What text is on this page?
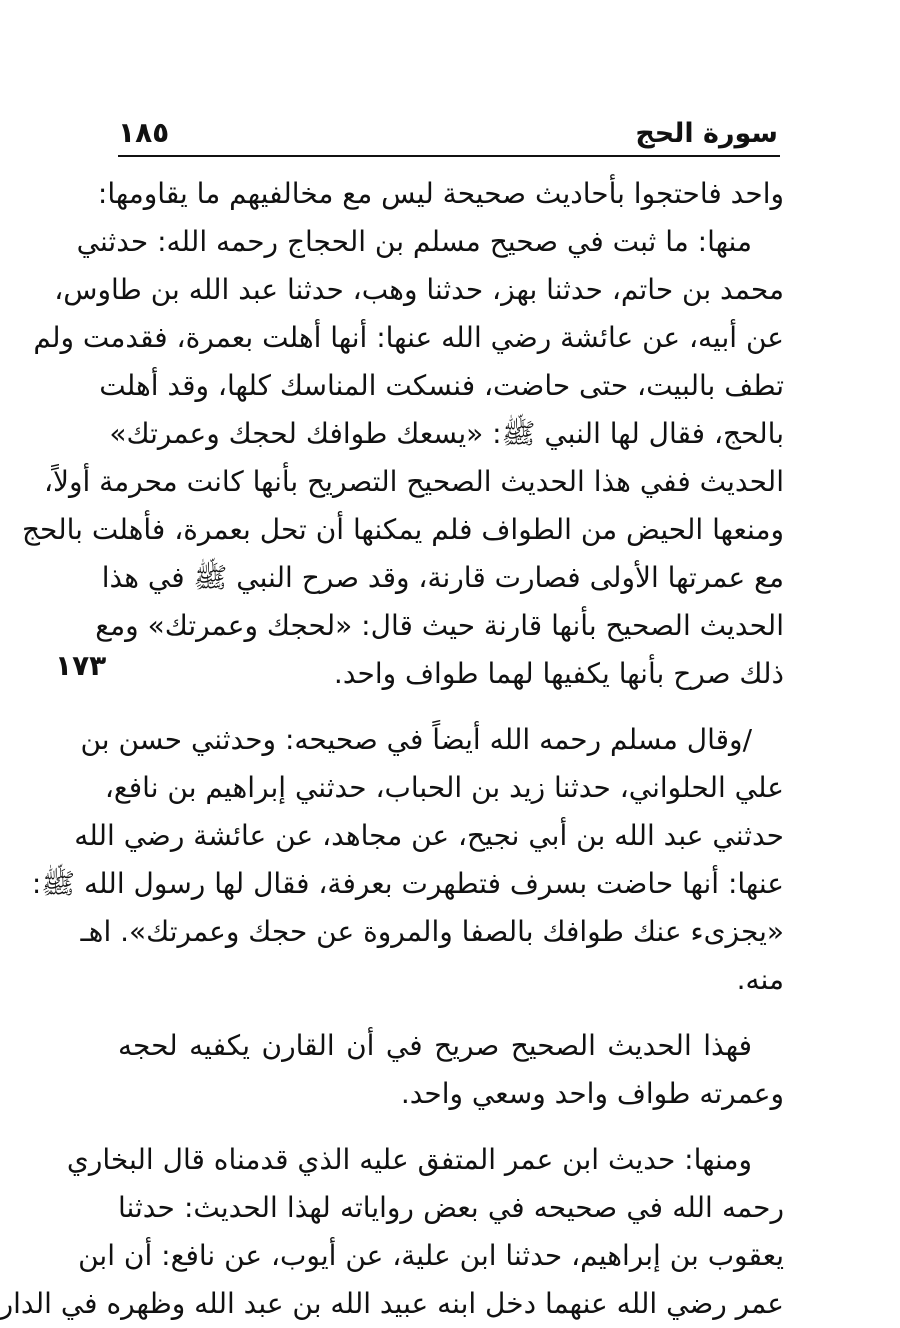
سورة الحج
١٨٥
١٧٣
واحد فاحتجوا بأحاديث صحيحة ليس مع مخالفيهم ما يقاومها:
منها: ما ثبت في صحيح مسلم بن الحجاج رحمه الله: حدثني
محمد بن حاتم، حدثنا بهز، حدثنا وهب، حدثنا عبد الله بن طاوس،
عن أبيه، عن عائشة رضي الله عنها: أنها أهلت بعمرة، فقدمت ولم
تطف بالبيت، حتى حاضت، فنسكت المناسك كلها، وقد أهلت
بالحج، فقال لها النبي ﷺ: «يسعك طوافك لحجك وعمرتك»
الحديث ففي هذا الحديث الصحيح التصريح بأنها كانت محرمة أولاً،
ومنعها الحيض من الطواف فلم يمكنها أن تحل بعمرة، فأهلت بالحج
مع عمرتها الأولى فصارت قارنة، وقد صرح النبي ﷺ في هذا
الحديث الصحيح بأنها قارنة حيث قال: «لحجك وعمرتك» ومع
ذلك صرح بأنها يكفيها لهما طواف واحد.
/وقال مسلم رحمه الله أيضاً في صحيحه: وحدثني حسن بن
علي الحلواني، حدثنا زيد بن الحباب، حدثني إبراهيم بن نافع،
حدثني عبد الله بن أبي نجيح، عن مجاهد، عن عائشة رضي الله
عنها: أنها حاضت بسرف فتطهرت بعرفة، فقال لها رسول الله ﷺ:
«يجزىء عنك طوافك بالصفا والمروة عن حجك وعمرتك». اهـ
منه.
فهذا الحديث الصحيح صريح في أن القارن يكفيه لحجه
وعمرته طواف واحد وسعي واحد.
ومنها: حديث ابن عمر المتفق عليه الذي قدمناه قال البخاري
رحمه الله في صحيحه في بعض رواياته لهذا الحديث: حدثنا
يعقوب بن إبراهيم، حدثنا ابن علية، عن أيوب، عن نافع: أن ابن
عمر رضي الله عنهما دخل ابنه عبيد الله بن عبد الله وظهره في الدار
